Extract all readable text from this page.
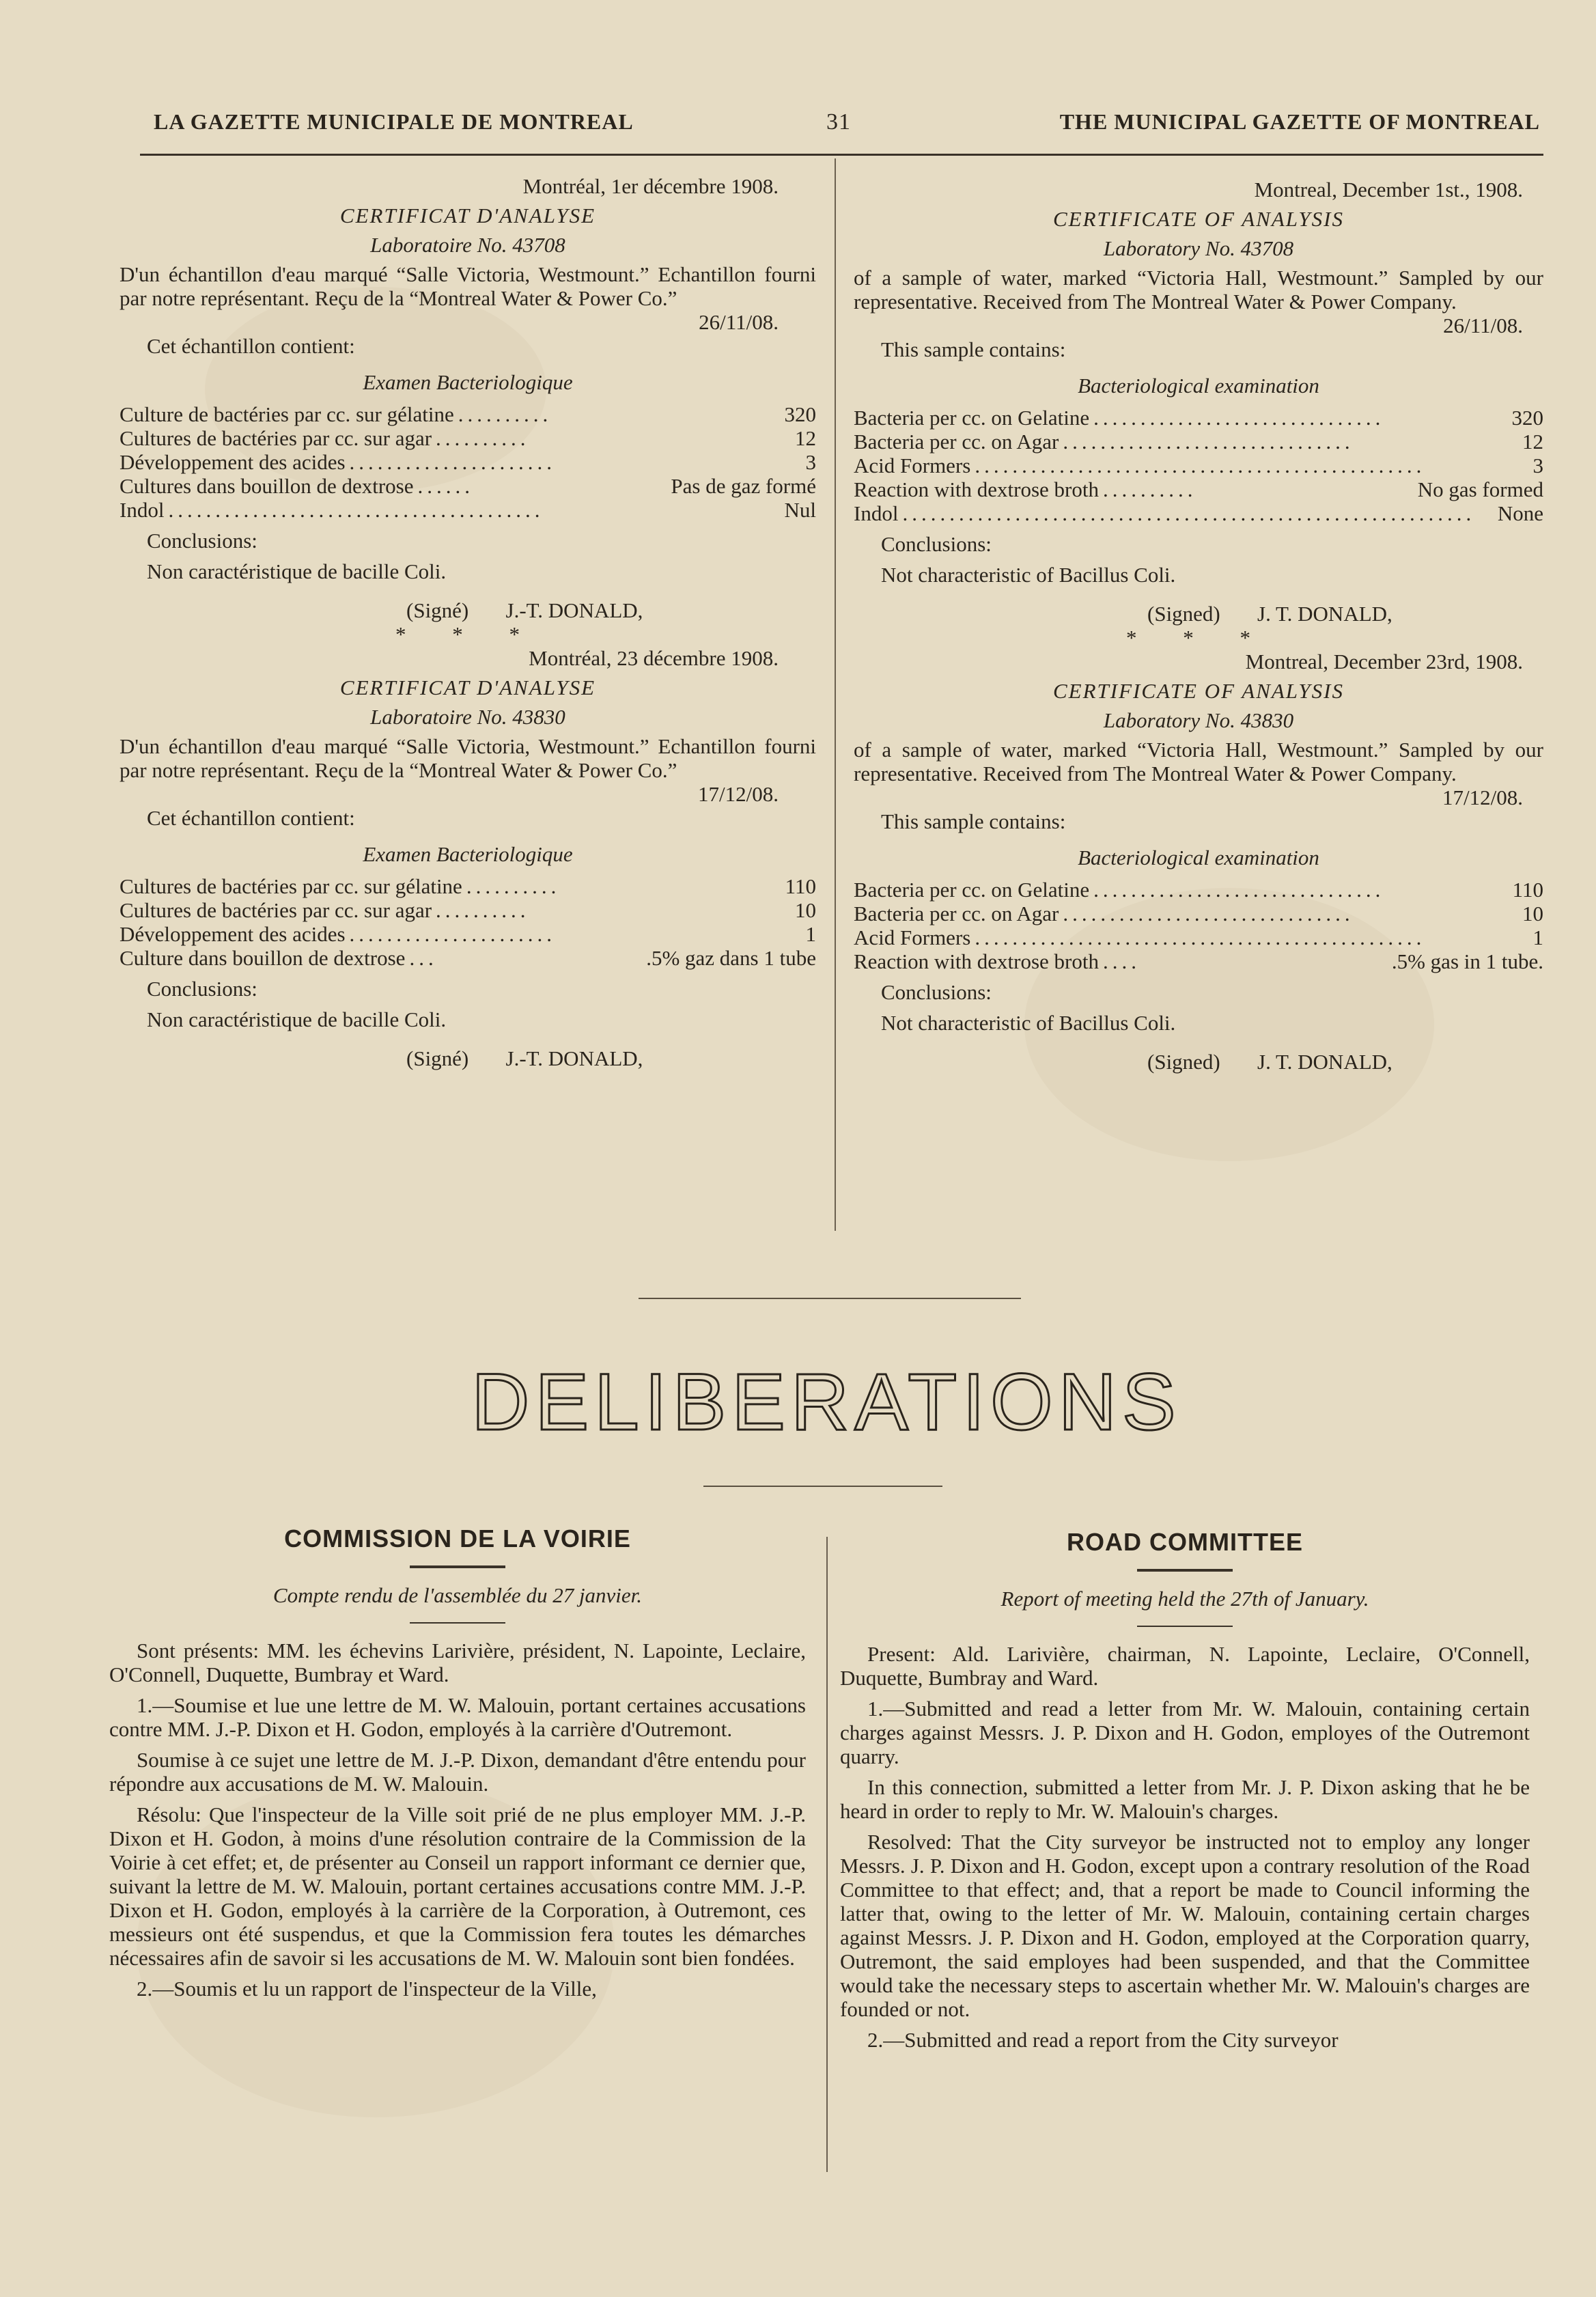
LA GAZETTE MUNICIPALE DE MONTREAL	31	THE MUNICIPAL GAZETTE OF MONTREAL

Montréal, 1er décembre 1908.

CERTIFICAT D'ANALYSE

Laboratoire No. 43708

D'un échantillon d'eau marqué “Salle Victoria, Westmount.” Echantillon fourni par notre représentant. Reçu de la “Montreal Water & Power Co.”

26/11/08.

Cet échantillon contient:

Examen Bacteriologique

Culture de bactéries par cc. sur gélatine ..........	320
Cultures de bactéries par cc. sur agar ..........	12
Développement des acides ......................	3
Cultures dans bouillon de dextrose ......	Pas de gaz formé
Indol ........................................	Nul

Conclusions:

Non caractéristique de bacille Coli.

(Signé) J.-T. DONALD,

* * *

Montréal, 23 décembre 1908.

CERTIFICAT D'ANALYSE

Laboratoire No. 43830

D'un échantillon d'eau marqué “Salle Victoria, Westmount.” Echantillon fourni par notre représentant. Reçu de la “Montreal Water & Power Co.”

17/12/08.

Cet échantillon contient:

Examen Bacteriologique

Cultures de bactéries par cc. sur gélatine ..........	110
Cultures de bactéries par cc. sur agar ..........	10
Développement des acides ......................	1
Culture dans bouillon de dextrose ...	.5% gaz dans 1 tube

Conclusions:

Non caractéristique de bacille Coli.

(Signé) J.-T. DONALD,

Montreal, December 1st., 1908.

CERTIFICATE OF ANALYSIS

Laboratory No. 43708

of a sample of water, marked “Victoria Hall, Westmount.” Sampled by our representative. Received from The Montreal Water & Power Company.

26/11/08.

This sample contains:

Bacteriological examination

Bacteria per cc. on Gelatine ...............................	320
Bacteria per cc. on Agar ...............................	12
Acid Formers ................................................	3
Reaction with dextrose broth ..........	No gas formed
Indol .............................................................	None

Conclusions:

Not characteristic of Bacillus Coli.

(Signed) J. T. DONALD,

* * *

Montreal, December 23rd, 1908.

CERTIFICATE OF ANALYSIS

Laboratory No. 43830

of a sample of water, marked “Victoria Hall, Westmount.” Sampled by our representative. Received from The Montreal Water & Power Company.

17/12/08.

This sample contains:

Bacteriological examination

Bacteria per cc. on Gelatine ...............................	110
Bacteria per cc. on Agar ...............................	10
Acid Formers ................................................	1
Reaction with dextrose broth ....	.5% gas in 1 tube.

Conclusions:

Not characteristic of Bacillus Coli.

(Signed) J. T. DONALD,

DELIBERATIONS

COMMISSION DE LA VOIRIE

Compte rendu de l'assemblée du 27 janvier.

Sont présents: MM. les échevins Larivière, président, N. Lapointe, Leclaire, O'Connell, Duquette, Bumbray et Ward.

1.—Soumise et lue une lettre de M. W. Malouin, portant certaines accusations contre MM. J.-P. Dixon et H. Godon, employés à la carrière d'Outremont.

Soumise à ce sujet une lettre de M. J.-P. Dixon, demandant d'être entendu pour répondre aux accusations de M. W. Malouin.

Résolu: Que l'inspecteur de la Ville soit prié de ne plus employer MM. J.-P. Dixon et H. Godon, à moins d'une résolution contraire de la Commission de la Voirie à cet effet; et, de présenter au Conseil un rapport informant ce dernier que, suivant la lettre de M. W. Malouin, portant certaines accusations contre MM. J.-P. Dixon et H. Godon, employés à la carrière de la Corporation, à Outremont, ces messieurs ont été suspendus, et que la Commission fera toutes les démarches nécessaires afin de savoir si les accusations de M. W. Malouin sont bien fondées.

2.—Soumis et lu un rapport de l'inspecteur de la Ville,

ROAD COMMITTEE

Report of meeting held the 27th of January.

Present: Ald. Larivière, chairman, N. Lapointe, Leclaire, O'Connell, Duquette, Bumbray and Ward.

1.—Submitted and read a letter from Mr. W. Malouin, containing certain charges against Messrs. J. P. Dixon and H. Godon, employes of the Outremont quarry.

In this connection, submitted a letter from Mr. J. P. Dixon asking that he be heard in order to reply to Mr. W. Malouin's charges.

Resolved: That the City surveyor be instructed not to employ any longer Messrs. J. P. Dixon and H. Godon, except upon a contrary resolution of the Road Committee to that effect; and, that a report be made to Council informing the latter that, owing to the letter of Mr. W. Malouin, containing certain charges against Messrs. J. P. Dixon and H. Godon, employed at the Corporation quarry, Outremont, the said employes had been suspended, and that the Committee would take the necessary steps to ascertain whether Mr. W. Malouin's charges are founded or not.

2.—Submitted and read a report from the City surveyor
